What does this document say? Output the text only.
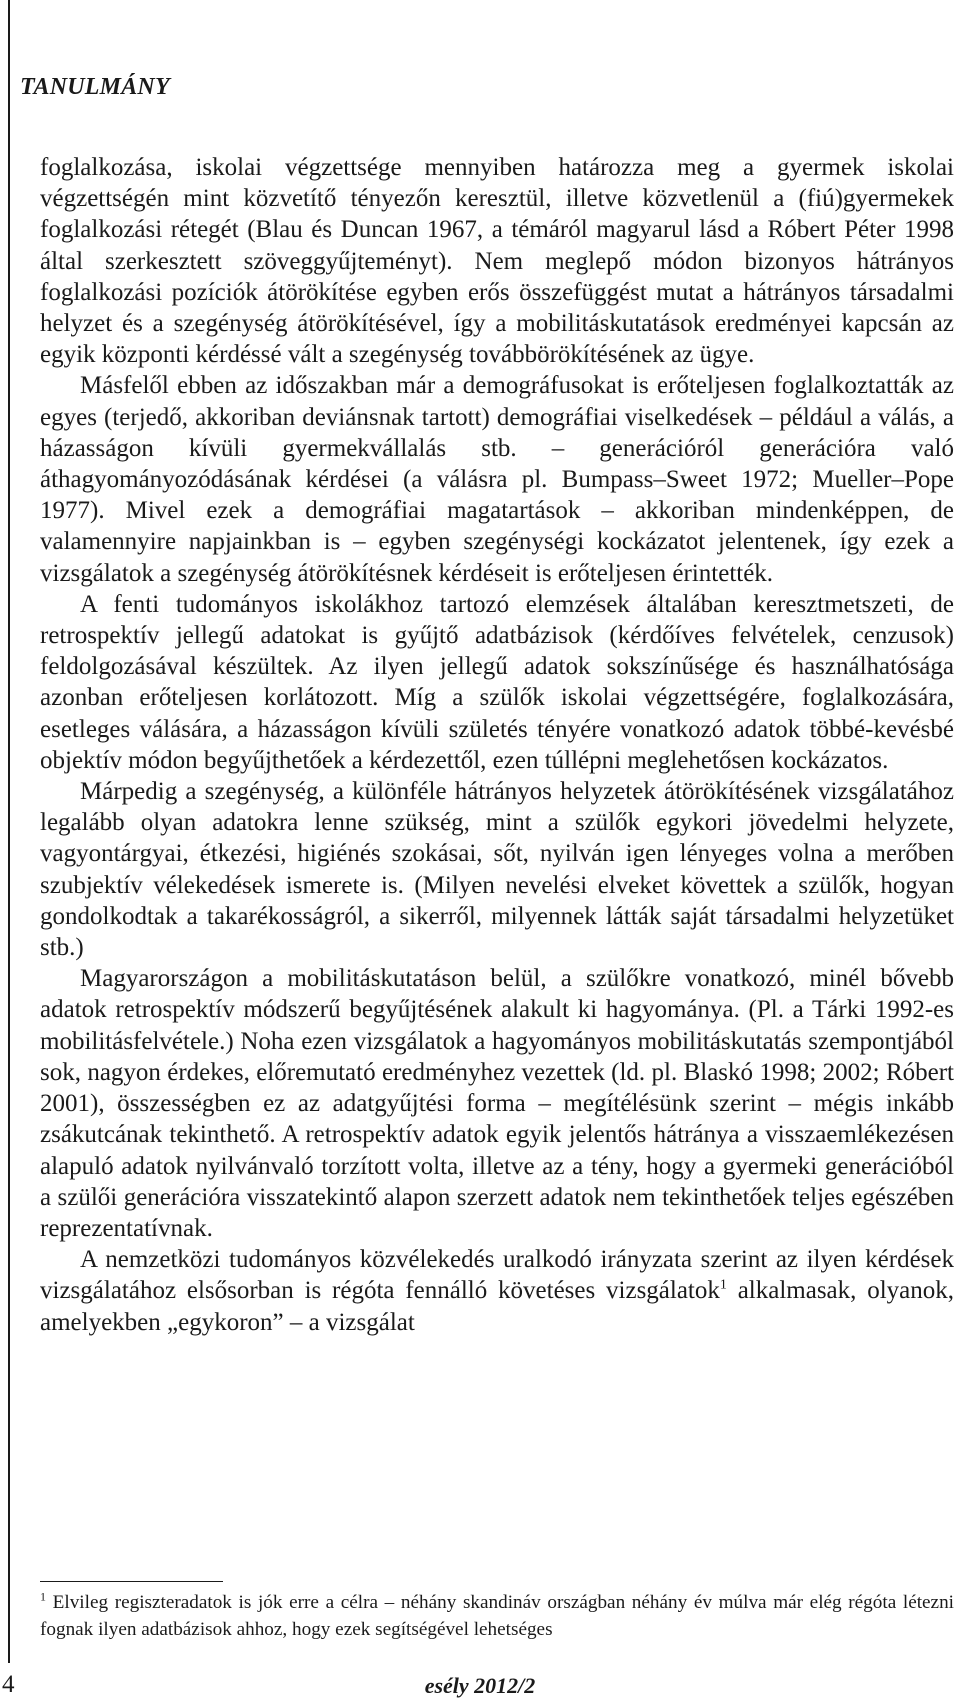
TANULMÁNY

foglalkozása, iskolai végzettsége mennyiben határozza meg a gyermek iskolai végzettségén mint közvetítő tényezőn keresztül, illetve közvetlenül a (fiú)gyermekek foglalkozási rétegét (Blau és Duncan 1967, a témáról magyarul lásd a Róbert Péter 1998 által szerkesztett szöveggyűjteményt). Nem meglepő módon bizonyos hátrányos foglalkozási pozíciók átörökítése egyben erős összefüggést mutat a hátrányos társadalmi helyzet és a szegénység átörökítésével, így a mobilitáskutatások eredményei kapcsán az egyik központi kérdéssé vált a szegénység továbbörökítésének az ügye.

Másfelől ebben az időszakban már a demográfusokat is erőteljesen foglalkoztatták az egyes (terjedő, akkoriban deviánsnak tartott) demográfiai viselkedések – például a válás, a házasságon kívüli gyermekvállalás stb. – generációról generációra való áthagyományozódásának kérdései (a válásra pl. Bumpass–Sweet 1972; Mueller–Pope 1977). Mivel ezek a demográfiai magatartások – akkoriban mindenképpen, de valamennyire napjainkban is – egyben szegénységi kockázatot jelentenek, így ezek a vizsgálatok a szegénység átörökítésnek kérdéseit is erőteljesen érintették.

A fenti tudományos iskolákhoz tartozó elemzések általában keresztmetszeti, de retrospektív jellegű adatokat is gyűjtő adatbázisok (kérdőíves felvételek, cenzusok) feldolgozásával készültek. Az ilyen jellegű adatok sokszínűsége és használhatósága azonban erőteljesen korlátozott. Míg a szülők iskolai végzettségére, foglalkozására, esetleges válására, a házasságon kívüli születés tényére vonatkozó adatok többé-kevésbé objektív módon begyűjthetőek a kérdezettől, ezen túllépni meglehetősen kockázatos.

Márpedig a szegénység, a különféle hátrányos helyzetek átörökítésének vizsgálatához legalább olyan adatokra lenne szükség, mint a szülők egykori jövedelmi helyzete, vagyontárgyai, étkezési, higiénés szokásai, sőt, nyilván igen lényeges volna a merőben szubjektív vélekedések ismerete is. (Milyen nevelési elveket követtek a szülők, hogyan gondolkodtak a takarékosságról, a sikerről, milyennek látták saját társadalmi helyzetüket stb.)

Magyarországon a mobilitáskutatáson belül, a szülőkre vonatkozó, minél bővebb adatok retrospektív módszerű begyűjtésének alakult ki hagyománya. (Pl. a Tárki 1992-es mobilitásfelvétele.) Noha ezen vizsgálatok a hagyományos mobilitáskutatás szempontjából sok, nagyon érdekes, előremutató eredményhez vezettek (ld. pl. Blaskó 1998; 2002; Róbert 2001), összességben ez az adatgyűjtési forma – megítélésünk szerint – mégis inkább zsákutcának tekinthető. A retrospektív adatok egyik jelentős hátránya a visszaemlékezésen alapuló adatok nyilvánvaló torzított volta, illetve az a tény, hogy a gyermeki generációból a szülői generációra visszatekintő alapon szerzett adatok nem tekinthetőek teljes egészében reprezentatívnak.

A nemzetközi tudományos közvélekedés uralkodó irányzata szerint az ilyen kérdések vizsgálatához elsősorban is régóta fennálló követéses vizsgálatok$^1$ alkalmasak, olyanok, amelyekben „egykoron” – a vizsgálat

$^1$ Elvileg regiszteradatok is jók erre a célra – néhány skandináv országban néhány év múlva már elég régóta létezni fognak ilyen adatbázisok ahhoz, hogy ezek segítségével lehetséges
4	esély 2012/2
